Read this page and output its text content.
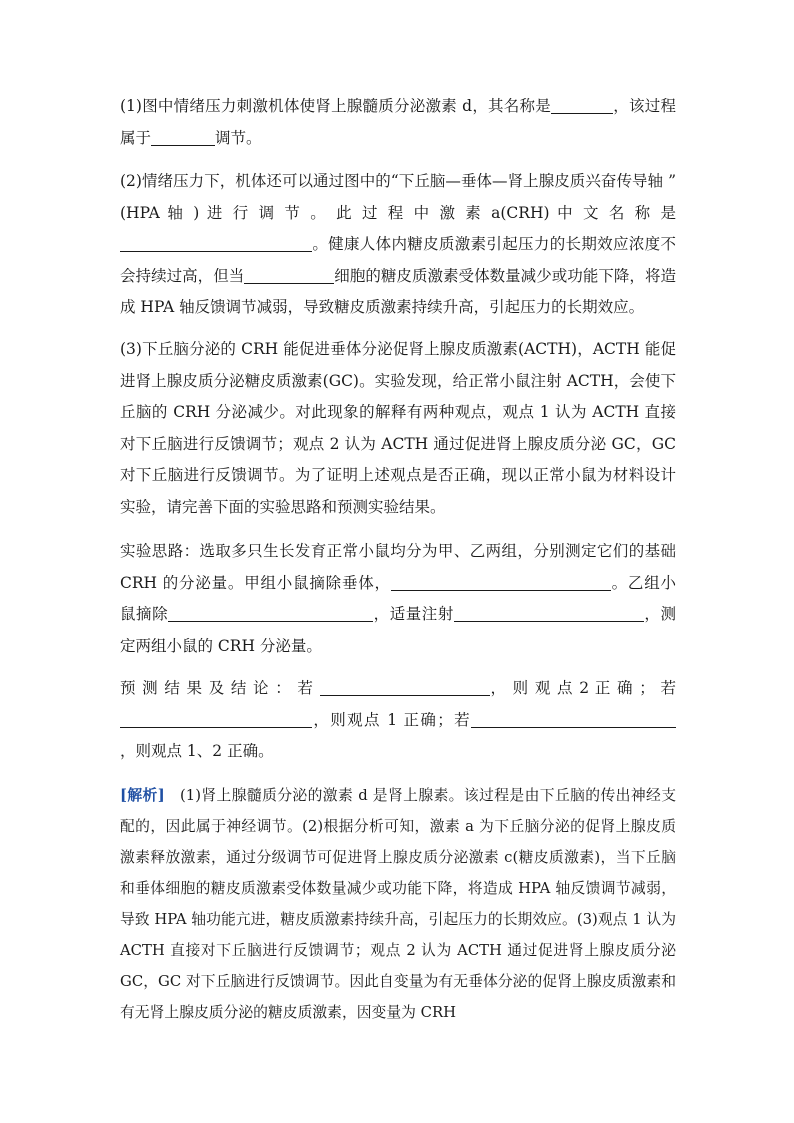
(1)图中情绪压力刺激机体使肾上腺髓质分泌激素 d，其名称是	，该过程属于	调节。

(2)情绪压力下，机体还可以通过图中的“下丘脑—垂体—肾上腺皮质兴奋传导轴 ” (HPA 轴 ) 进 行 调 节 。 此 过 程 中 激 素 a(CRH) 中 文 名 称 是 。健康人体内糖皮质激素引起压力的长期效应浓度不会持续过高，但当	细胞的糖皮质激素受体数量减少或功能下降，将造成 HPA 轴反馈调节减弱，导致糖皮质激素持续升高，引起压力的长期效应。

(3)下丘脑分泌的 CRH 能促进垂体分泌促肾上腺皮质激素(ACTH)，ACTH 能促进肾上腺皮质分泌糖皮质激素(GC)。实验发现，给正常小鼠注射 ACTH，会使下丘脑的 CRH 分泌减少。对此现象的解释有两种观点，观点 1 认为 ACTH 直接对下丘脑进行反馈调节；观点 2 认为 ACTH 通过促进肾上腺皮质分泌 GC，GC 对下丘脑进行反馈调节。为了证明上述观点是否正确，现以正常小鼠为材料设计实验，请完善下面的实验思路和预测实验结果。

实验思路：选取多只生长发育正常小鼠均分为甲、乙两组，分别测定它们的基础 CRH 的分泌量。甲组小鼠摘除垂体，	。乙组小鼠摘除	，适量注射	，测定两组小鼠的 CRH 分泌量。

预 测 结 果 及 结 论 ： 若	， 则 观 点 2 正 确 ； 若 ，则观点 1 正确；若，则观点 1、2 正确。

[解析] (1)肾上腺髓质分泌的激素 d 是肾上腺素。该过程是由下丘脑的传出神经支配的，因此属于神经调节。(2)根据分析可知，激素 a 为下丘脑分泌的促肾上腺皮质激素释放激素，通过分级调节可促进肾上腺皮质分泌激素 c(糖皮质激素)，当下丘脑和垂体细胞的糖皮质激素受体数量减少或功能下降，将造成 HPA 轴反馈调节减弱，导致 HPA 轴功能亢进，糖皮质激素持续升高，引起压力的长期效应。(3)观点 1 认为 ACTH 直接对下丘脑进行反馈调节；观点 2 认为 ACTH 通过促进肾上腺皮质分泌 GC，GC 对下丘脑进行反馈调节。因此自变量为有无垂体分泌的促肾上腺皮质激素和有无肾上腺皮质分泌的糖皮质激素，因变量为 CRH
